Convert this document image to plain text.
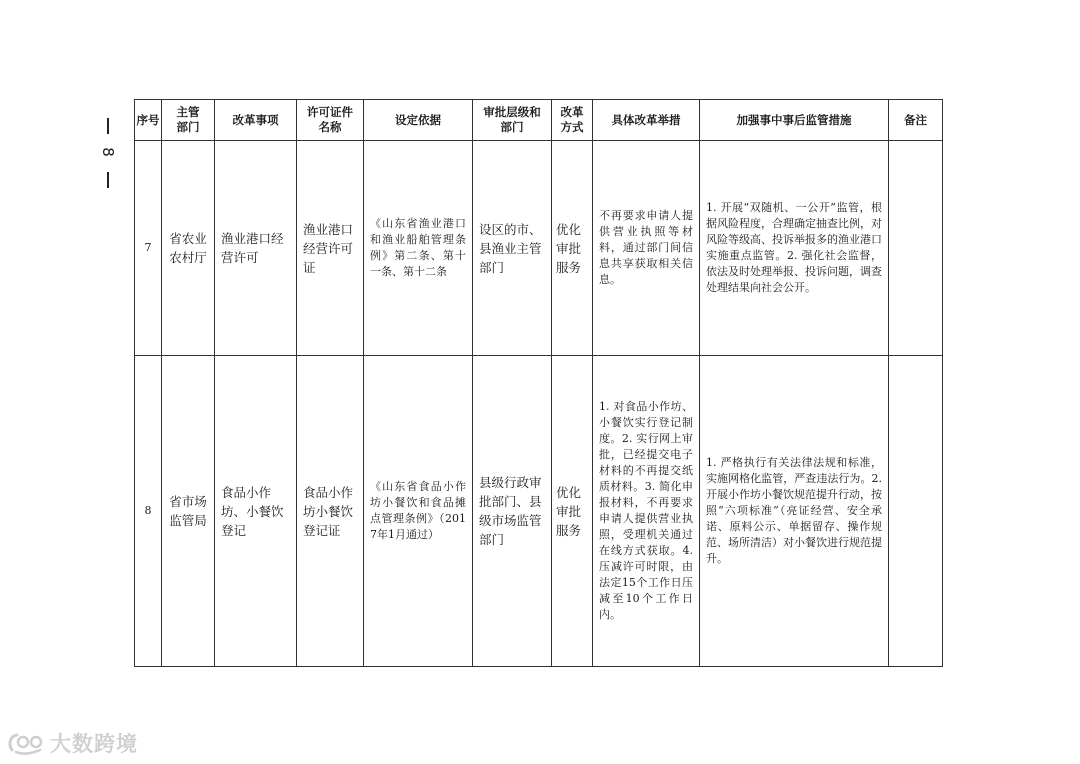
8
序号	主管部门	改革事项	许可证件名称	设定依据	审批层级和部门	改革方式	具体改革举措	加强事中事后监管措施	备注

7	省农业农村厅	渔业港口经营许可	渔业港口经营许可证	《山东省渔业港口和渔业船舶管理条例》第二条、第十一条、第十二条	设区的市、县渔业主管部门	优化审批服务	不再要求申请人提供营业执照等材料，通过部门间信息共享获取相关信息。	1. 开展“双随机、一公开”监管，根据风险程度，合理确定抽查比例，对风险等级高、投诉举报多的渔业港口实施重点监管。2. 强化社会监督，依法及时处理举报、投诉问题，调查处理结果向社会公开。	

8	省市场监管局	食品小作坊、小餐饮登记	食品小作坊小餐饮登记证	《山东省食品小作坊小餐饮和食品摊点管理条例》（2017年1月通过）	县级行政审批部门、县级市场监管部门	优化审批服务	1. 对食品小作坊、小餐饮实行登记制度。2. 实行网上审批，已经提交电子材料的不再提交纸质材料。3. 简化申报材料，不再要求申请人提供营业执照，受理机关通过在线方式获取。4. 压减许可时限，由法定15个工作日压减至10个工作日内。	1. 严格执行有关法律法规和标准，实施网格化监管，严查违法行为。2. 开展小作坊小餐饮规范提升行动，按照“六项标准”（亮证经营、安全承诺、原料公示、单据留存、操作规范、场所清洁）对小餐饮进行规范提升。	

大数跨境
